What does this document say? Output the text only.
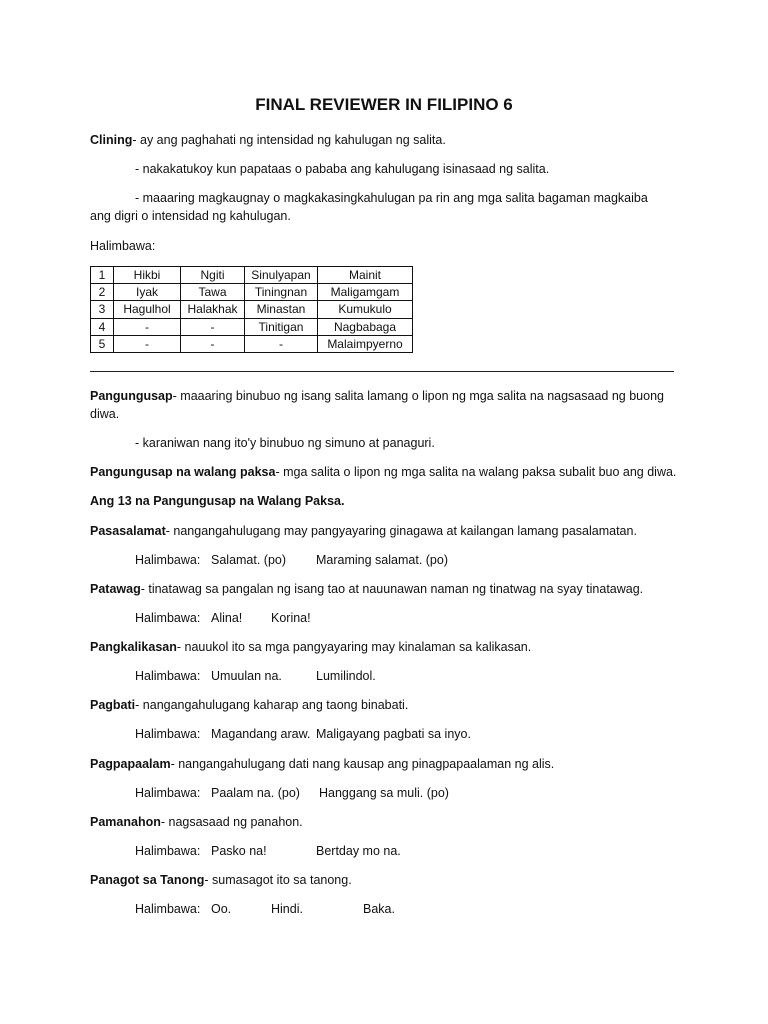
FINAL REVIEWER IN FILIPINO 6
Clining- ay ang paghahati ng intensidad ng kahulugan ng salita.
- nakakatukoy kun papataas o pababa ang kahulugang isinasaad ng salita.
- maaaring magkaugnay o magkakasingkahulugan pa rin ang mga salita bagaman magkaiba
ang digri o intensidad ng kahulugan.
Halimbawa:
1	Hikbi	Ngiti	Sinulyapan	Mainit
2	Iyak	Tawa	Tiningnan	Maligamgam
3	Hagulhol	Halakhak	Minastan	Kumukulo
4	-	-	Tinitigan	Nagbabaga
5	-	-	-	Malaimpyerno
Pangungusap- maaaring binubuo ng isang salita lamang o lipon ng mga salita na nagsasaad ng buong
diwa.
- karaniwan nang ito'y binubuo ng simuno at panaguri.
Pangungusap na walang paksa- mga salita o lipon ng mga salita na walang paksa subalit buo ang diwa.
Ang 13 na Pangungusap na Walang Paksa.
Pasasalamat- nangangahulugang may pangyayaring ginagawa at kailangan lamang pasalamatan.
Halimbawa: Salamat. (po) Maraming salamat. (po)
Patawag- tinatawag sa pangalan ng isang tao at nauunawan naman ng tinatwag na syay tinatawag.
Halimbawa: Alina! Korina!
Pangkalikasan- nauukol ito sa mga pangyayaring may kinalaman sa kalikasan.
Halimbawa: Umuulan na.	Lumilindol.
Pagbati- nangangahulugang kaharap ang taong binabati.
Halimbawa: Magandang araw. Maligayang pagbati sa inyo.
Pagpapaalam- nangangahulugang dati nang kausap ang pinagpapaalaman ng alis.
Halimbawa: Paalam na. (po) Hanggang sa muli. (po)
Pamanahon- nagsasaad ng panahon.
Halimbawa: Pasko na!	Bertday mo na.
Panagot sa Tanong- sumasagot ito sa tanong.
Halimbawa: Oo.	Hindi.	Baka.
